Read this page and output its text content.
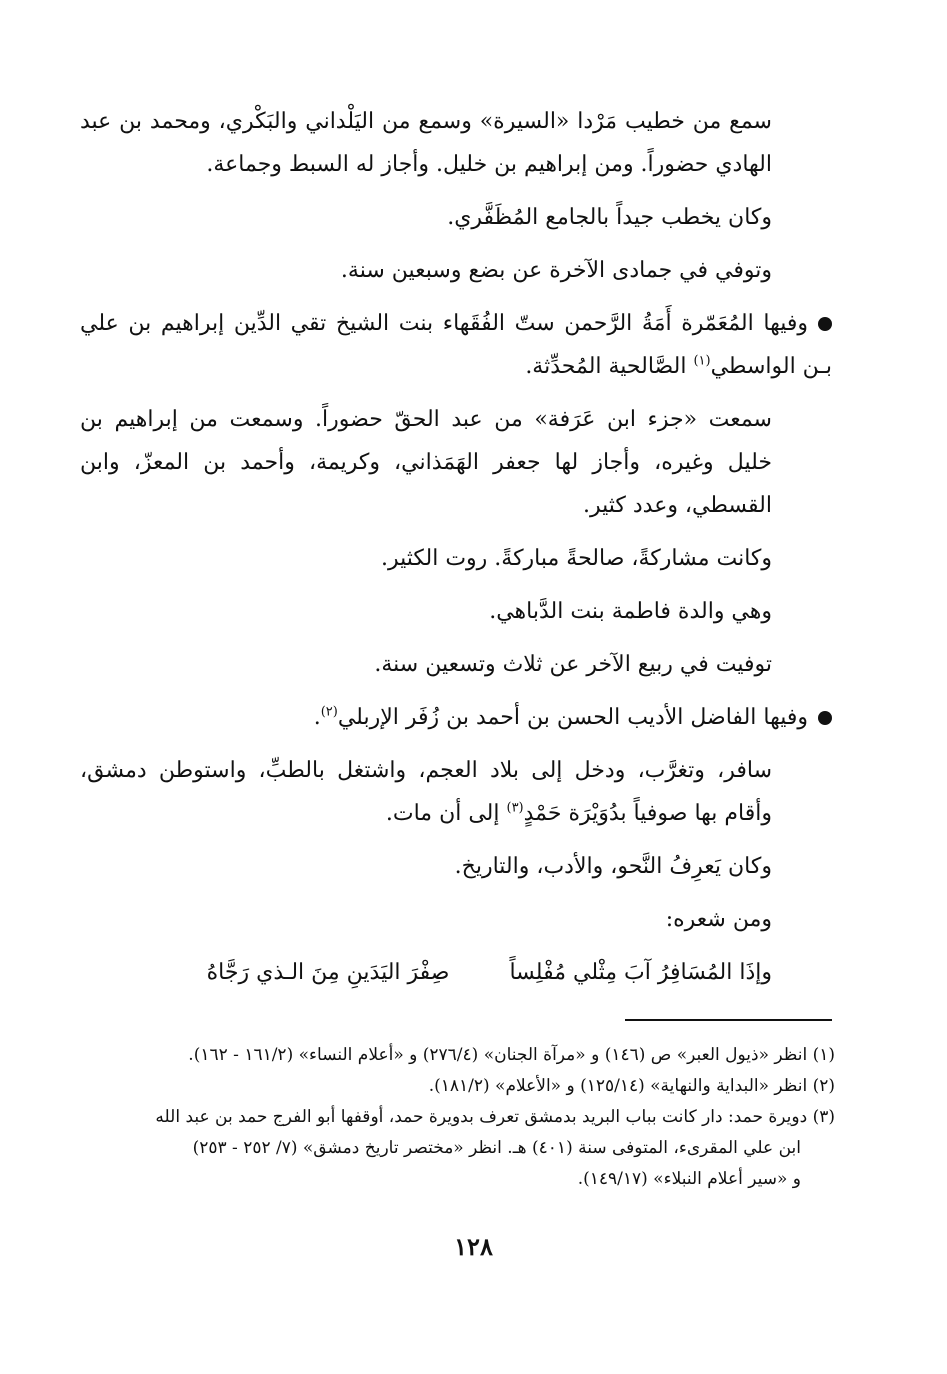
سمع من خطيب مَرْدا «السيرة» وسمع من اليَلْداني والبَكْري، ومحمد بن عبد الهادي حضوراً. ومن إبراهيم بن خليل. وأجاز له السبط وجماعة.

وكان يخطب جيداً بالجامع المُظَفَّري.

وتوفي في جمادى الآخرة عن بضع وسبعين سنة.

وفيها المُعَمّرة أَمَةُ الرَّحمن ستّ الفُقَهاء بنت الشيخ تقي الدِّين إبراهيم بن علي بـن الواسطي$^{(١)}$ الصَّالحية المُحدِّثة.

سمعت «جزء ابن عَرَفة» من عبد الحقّ حضوراً. وسمعت من إبراهيم بن خليل وغيره، وأجاز لها جعفر الهَمَذاني، وكريمة، وأحمد بن المعزّ، وابن القسطي، وعدد كثير.

وكانت مشاركةً، صالحةً مباركةً. روت الكثير.

وهي والدة فاطمة بنت الدَّباهي.

توفيت في ربيع الآخر عن ثلاث وتسعين سنة.

وفيها الفاضل الأديب الحسن بن أحمد بن زُفَر الإربلي$^{(٢)}$.

سافر، وتغرَّب، ودخل إلى بلاد العجم، واشتغل بالطبِّ، واستوطن دمشق، وأقام بها صوفياً بدُوَيْرَة حَمْدٍ$^{(٣)}$ إلى أن مات.

وكان يَعرِفُ النَّحو، والأدب، والتاريخ.

ومن شعره:

وإذَا المُسَافِرُ آبَ مِثْلي مُفْلِساً
صِفْرَ اليَدَينِ مِنَ الـذي رَجَّاهُ

(١) انظر «ذيول العبر» ص (١٤٦) و «مرآة الجنان» (٢٧٦/٤) و «أعلام النساء» (١٦١/٢ - ١٦٢).

(٢) انظر «البداية والنهاية» (١٢٥/١٤) و «الأعلام» (١٨١/٢).

(٣) دويرة حمد: دار كانت بباب البريد بدمشق تعرف بدويرة حمد، أوقفها أبو الفرج حمد بن عبد الله

ابن علي المقرىء، المتوفى سنة (٤٠١) هـ. انظر «مختصر تاريخ دمشق» (٧/ ٢٥٢ - ٢٥٣)

و «سير أعلام النبلاء» (١٤٩/١٧).

١٢٨
